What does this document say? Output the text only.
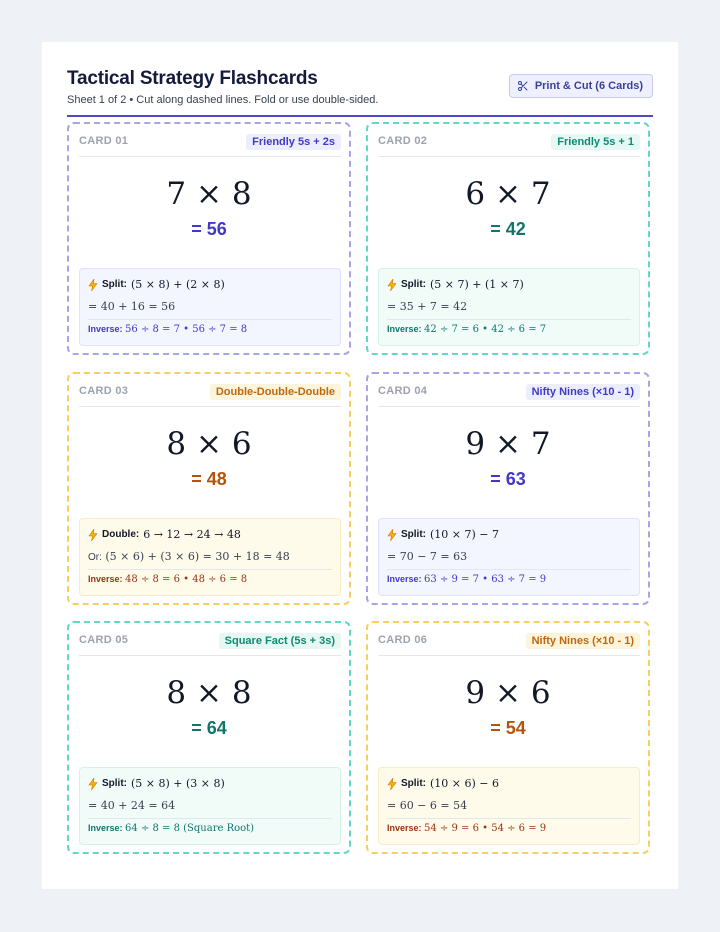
Tactical Strategy Flashcards
Sheet 1 of 2 • Cut along dashed lines. Fold or use double-sided.
Print & Cut (6 Cards)
CARD 01	Friendly 5s + 2s
7 × 8
= 56
Split: (5 × 8) + (2 × 8)
= 40 + 16 = 56
Inverse: 56 ÷ 8 = 7 • 56 ÷ 7 = 8
CARD 02	Friendly 5s + 1
6 × 7
= 42
Split: (5 × 7) + (1 × 7)
= 35 + 7 = 42
Inverse: 42 ÷ 7 = 6 • 42 ÷ 6 = 7
CARD 03	Double-Double-Double
8 × 6
= 48
Double: 6 → 12 → 24 → 48
Or: (5 × 6) + (3 × 6) = 30 + 18 = 48
Inverse: 48 ÷ 8 = 6 • 48 ÷ 6 = 8
CARD 04	Nifty Nines (×10 - 1)
9 × 7
= 63
Split: (10 × 7) − 7
= 70 − 7 = 63
Inverse: 63 ÷ 9 = 7 • 63 ÷ 7 = 9
CARD 05	Square Fact (5s + 3s)
8 × 8
= 64
Split: (5 × 8) + (3 × 8)
= 40 + 24 = 64
Inverse: 64 ÷ 8 = 8 (Square Root)
CARD 06	Nifty Nines (×10 - 1)
9 × 6
= 54
Split: (10 × 6) − 6
= 60 − 6 = 54
Inverse: 54 ÷ 9 = 6 • 54 ÷ 6 = 9
